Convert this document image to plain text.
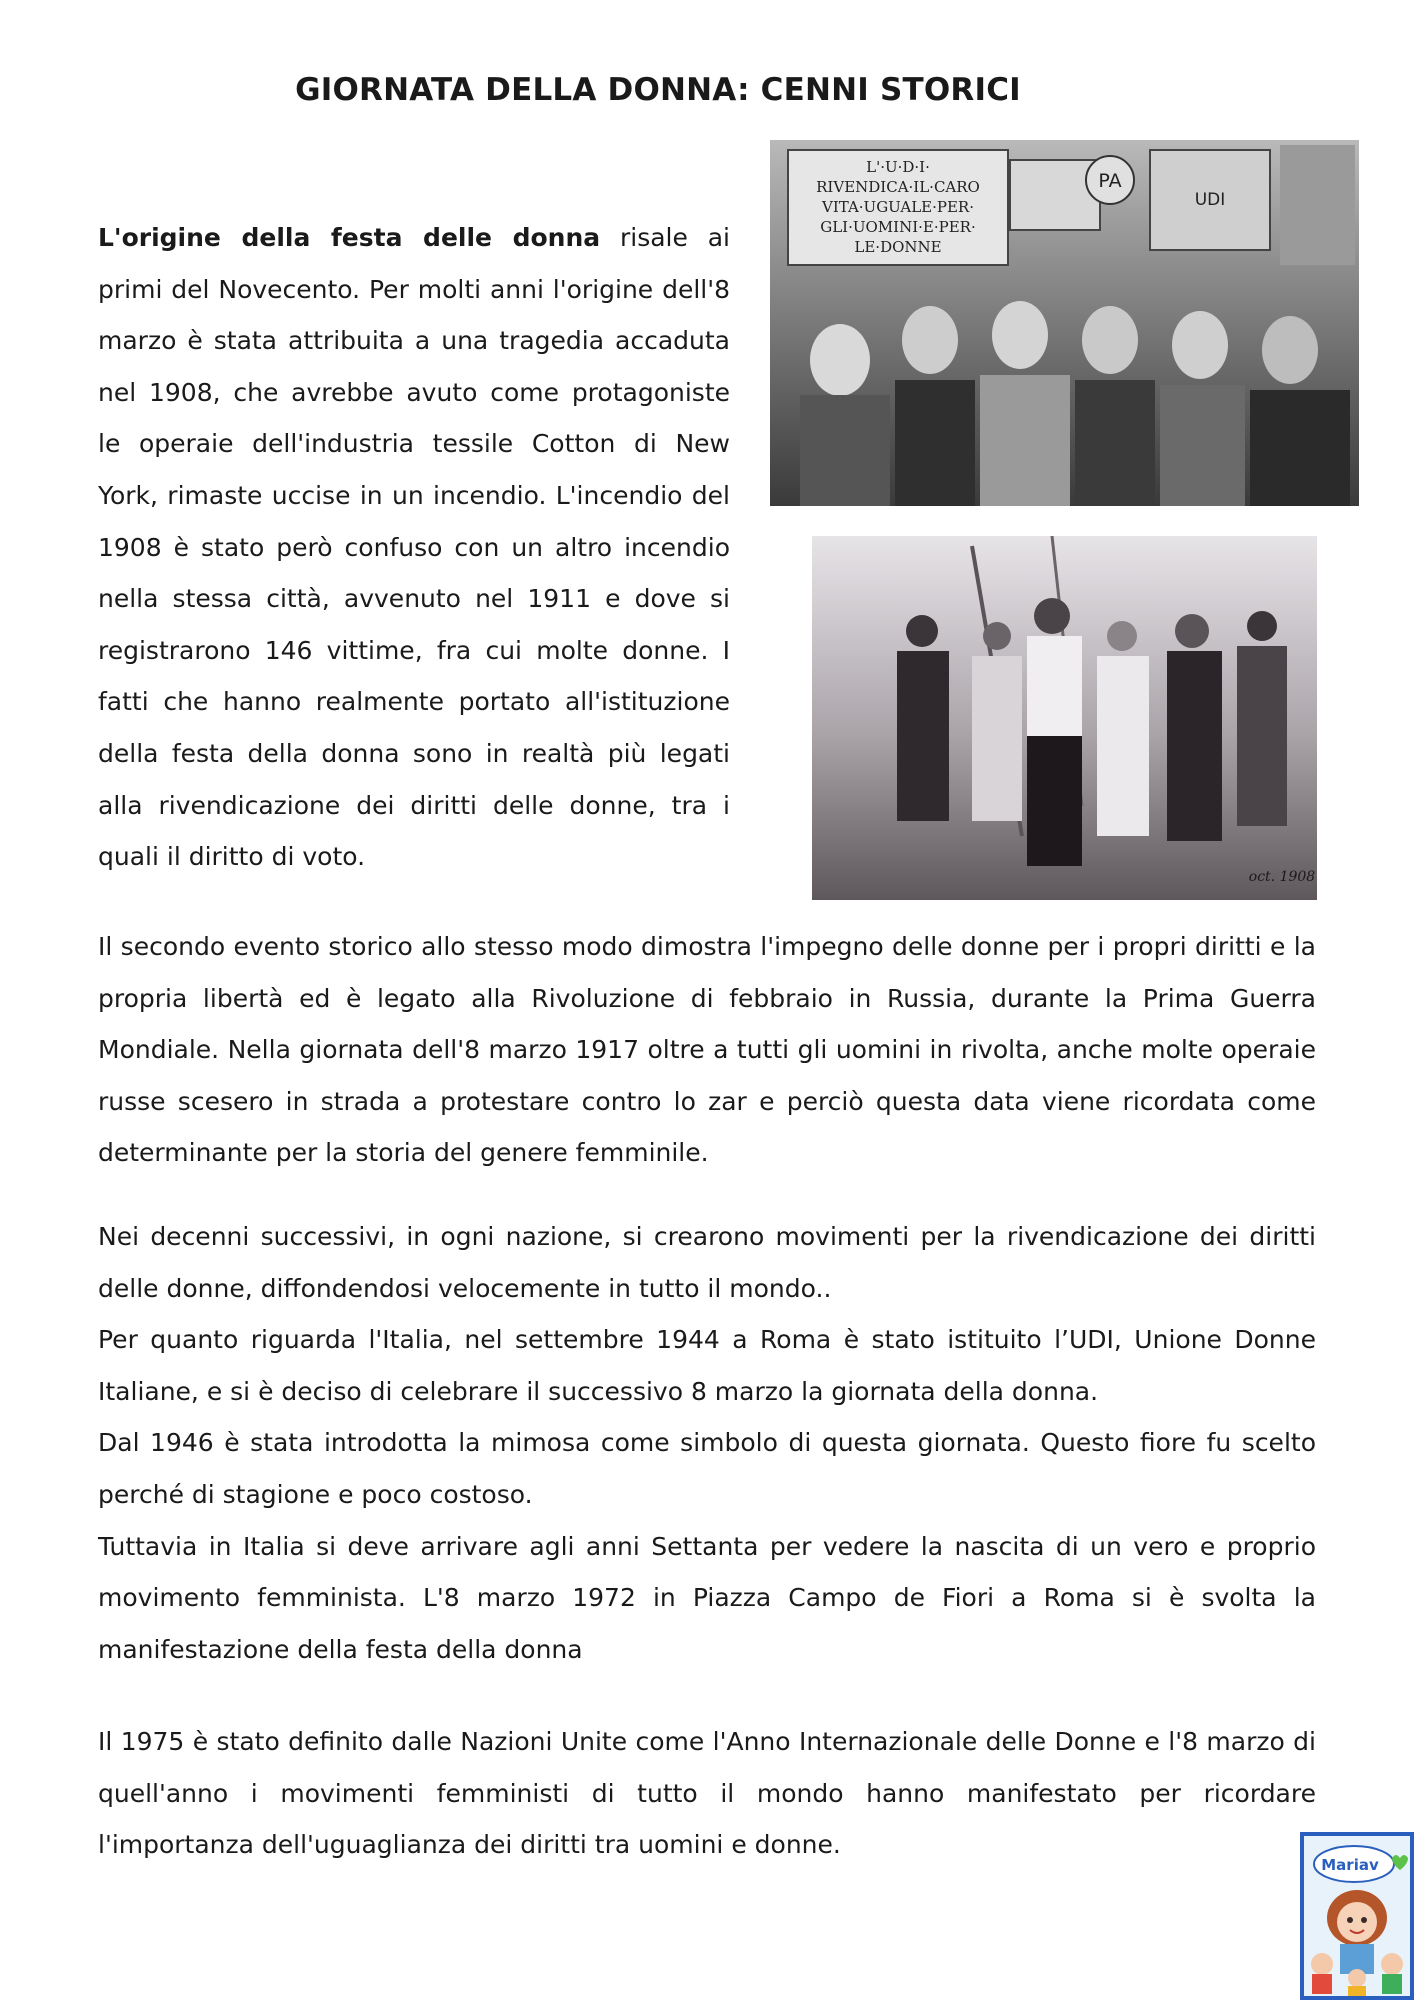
GIORNATA DELLA DONNA: CENNI STORICI

L'origine della festa delle donna risale ai primi del Novecento. Per molti anni l'origine dell'8 marzo è stata attribuita a una tragedia accaduta nel 1908, che avrebbe avuto come protagoniste le operaie dell'industria tessile Cotton di New York, rimaste uccise in un incendio. L'incendio del 1908 è stato però confuso con un altro incendio nella stessa città, avvenuto nel 1911 e dove si registrarono 146 vittime, fra cui molte donne. I fatti che hanno realmente portato all'istituzione della festa della donna sono in realtà più legati alla rivendicazione dei diritti delle donne, tra i quali il diritto di voto.

L'·U·D·I·
RIVENDICA·IL·CARO
VITA·UGUALE·PER·
GLI·UOMINI·E·PER·
LE·DONNE
PA
UDI
oct. 1908

Il secondo evento storico allo stesso modo dimostra l'impegno delle donne per i propri diritti e la propria libertà ed è legato alla Rivoluzione di febbraio in Russia, durante la Prima Guerra Mondiale. Nella giornata dell'8 marzo 1917 oltre a tutti gli uomini in rivolta, anche molte operaie russe scesero in strada a protestare contro lo zar e perciò questa data viene ricordata come determinante per la storia del genere femminile.

Nei decenni successivi, in ogni nazione, si crearono movimenti per la rivendicazione dei diritti delle donne, diffondendosi velocemente in tutto il mondo..
Per quanto riguarda l'Italia, nel settembre 1944 a Roma è stato istituito l’UDI, Unione Donne Italiane, e si è deciso di celebrare il successivo 8 marzo la giornata della donna.
Dal 1946 è stata introdotta la mimosa come simbolo di questa giornata. Questo fiore fu scelto perché di stagione e poco costoso.
Tuttavia in Italia si deve arrivare agli anni Settanta per vedere la nascita di un vero e proprio movimento femminista. L'8 marzo 1972 in Piazza Campo de Fiori a Roma si è svolta la manifestazione della festa della donna

Il 1975 è stato definito dalle Nazioni Unite come l'Anno Internazionale delle Donne e l'8 marzo di quell'anno i movimenti femministi di tutto il mondo hanno manifestato per ricordare l'importanza dell'uguaglianza dei diritti tra uomini e donne.

Mariav
